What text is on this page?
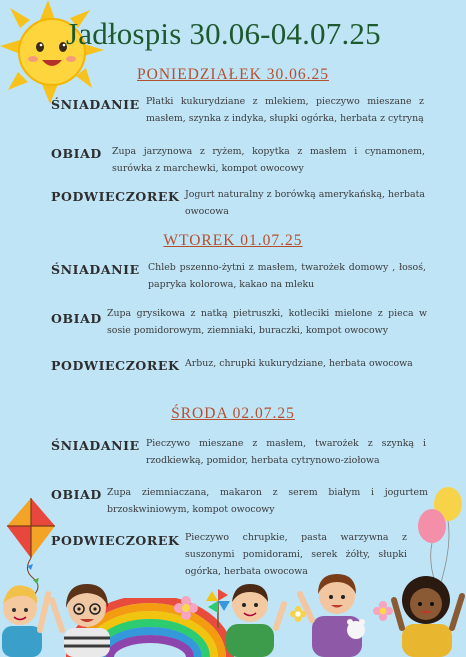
Jadłospis 30.06-04.07.25
PONIEDZIAŁEK 30.06.25
ŚNIADANIE Płatki kukurydziane z mlekiem, pieczywo mieszane z masłem, szynka z indyka, słupki ogórka, herbata z cytryną
OBIAD Zupa jarzynowa z ryżem, kopytka z masłem i cynamonem, surówka z marchewki, kompot owocowy
PODWIECZOREK Jogurt naturalny z borówką amerykańską, herbata owocowa
WTOREK 01.07.25
ŚNIADANIE Chleb pszenno-żytni z masłem, twarożek domowy , łosoś, papryka kolorowa, kakao na mleku
OBIAD Zupa grysikowa z natką pietruszki, kotleciki mielone z pieca w sosie pomidorowym, ziemniaki, buraczki, kompot owocowy
PODWIECZOREK Arbuz, chrupki kukurydziane, herbata owocowa
ŚRODA 02.07.25
ŚNIADANIE Pieczywo mieszane z masłem, twarożek z szynką i rzodkiewką, pomidor, herbata cytrynowo-ziołowa
OBIAD Zupa ziemniaczana, makaron z serem białym i jogurtem brzoskwiniowym, kompot owocowy
PODWIECZOREK Pieczywo chrupkie, pasta warzywna z suszonymi pomidorami, serek żółty, słupki ogórka, herbata owocowa
